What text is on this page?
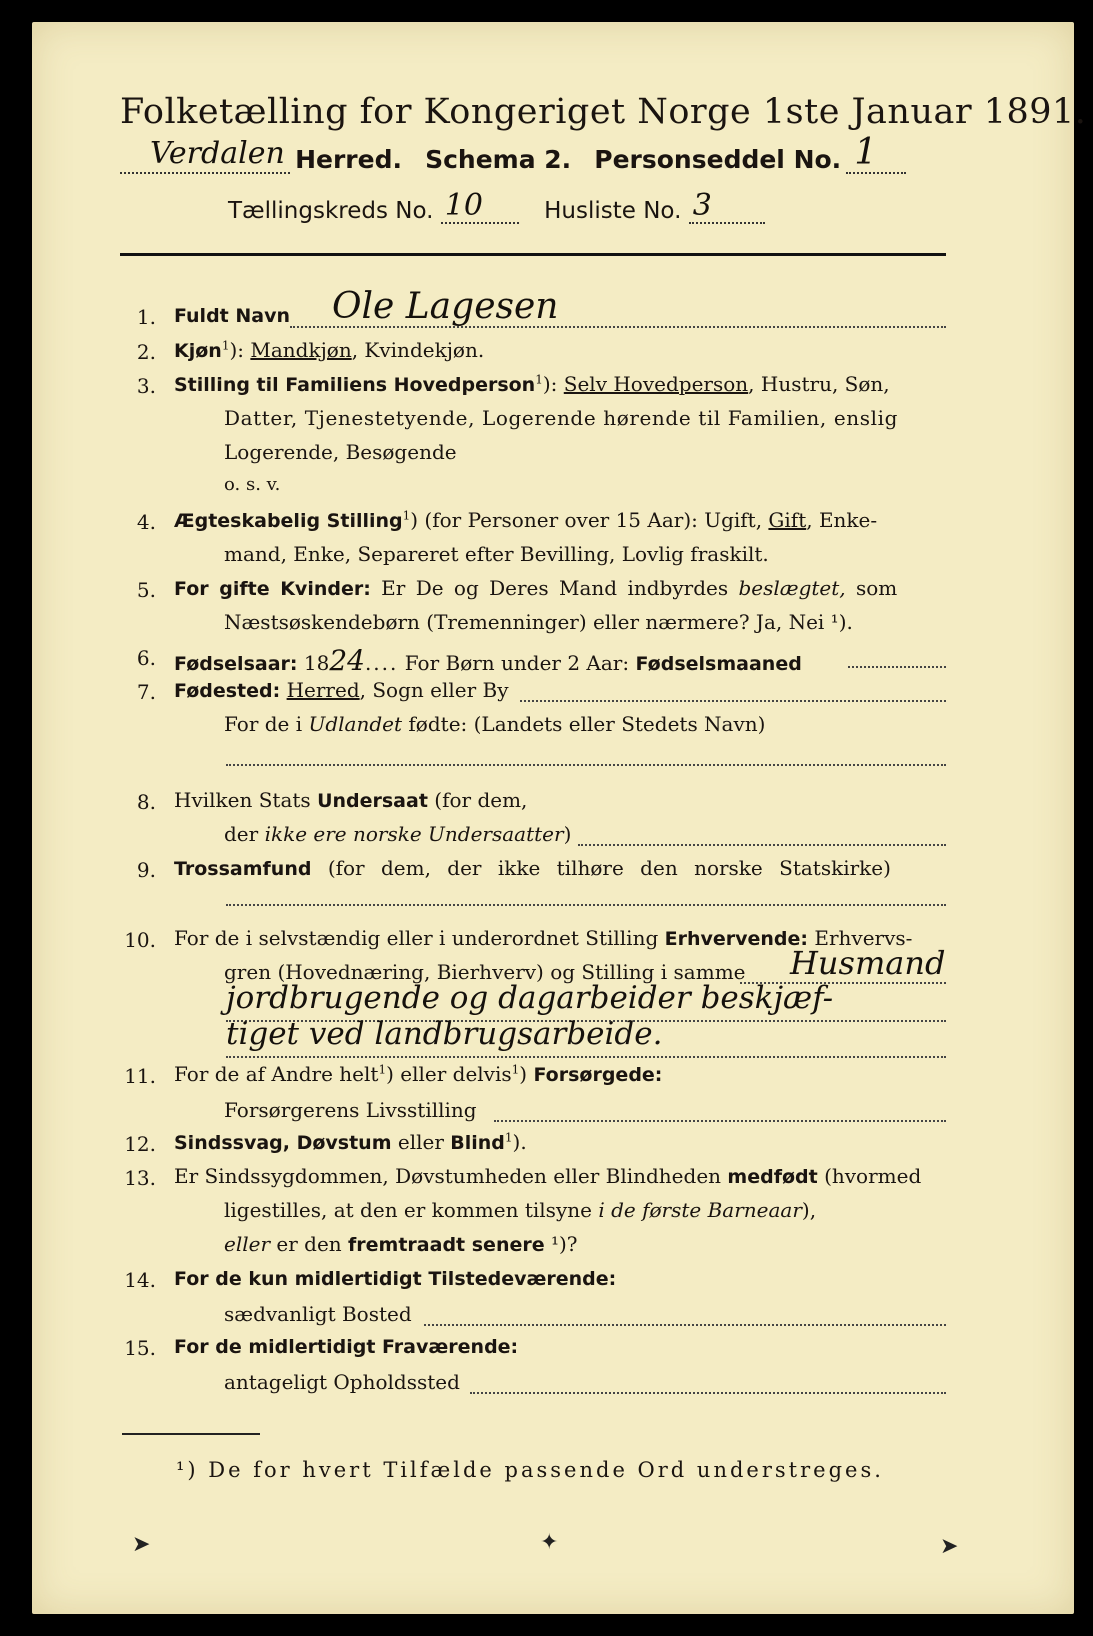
Folketælling for Kongeriget Norge 1ste Januar 1891.
Verdalen Herred. Schema 2. Personseddel No. 1
Tællingskreds No. 10	Husliste No. 3
1. Fuldt Navn Ole Lagesen
2. Kjøn$^1$): Mandkjøn, Kvindekjøn.
3. Stilling til Familiens Hovedperson$^1$): Selv Hovedperson, Hustru, Søn,
Datter, Tjenestetyende, Logerende hørende til Familien, enslig
Logerende, Besøgende
o. s. v.
4. Ægteskabelig Stilling$^1$) (for Personer over 15 Aar): Ugift, Gift, Enke-
mand, Enke, Separeret efter Bevilling, Lovlig fraskilt.
5. For gifte Kvinder: Er De og Deres Mand indbyrdes beslægtet, som
Næstsøskendebørn (Tremenninger) eller nærmere? Ja, Nei ¹).
6. Fødselsaar: 1824.... For Børn under 2 Aar: Fødselsmaaned
7. Fødested: Herred, Sogn eller By
For de i Udlandet fødte: (Landets eller Stedets Navn)
8. Hvilken Stats Undersaat (for dem,
der ikke ere norske Undersaatter)
9. Trossamfund (for dem, der ikke tilhøre den norske Statskirke)
10. For de i selvstændig eller i underordnet Stilling Erhvervende: Erhvervs-
gren (Hovednæring, Bierhverv) og Stilling i samme Husmand
jordbrugende og dagarbeider beskjæf-
tiget ved landbrugsarbeide.
11. For de af Andre helt$^1$) eller delvis$^1$) Forsørgede:
Forsørgerens Livsstilling
12. Sindssvag, Døvstum eller Blind$^1$).
13. Er Sindssygdommen, Døvstumheden eller Blindheden medfødt (hvormed
ligestilles, at den er kommen tilsyne i de første Barneaar),
eller er den fremtraadt senere ¹)?
14. For de kun midlertidigt Tilstedeværende:
sædvanligt Bosted
15. For de midlertidigt Fraværende:
antageligt Opholdssted
¹) De for hvert Tilfælde passende Ord understreges.
➤	✦	➤
